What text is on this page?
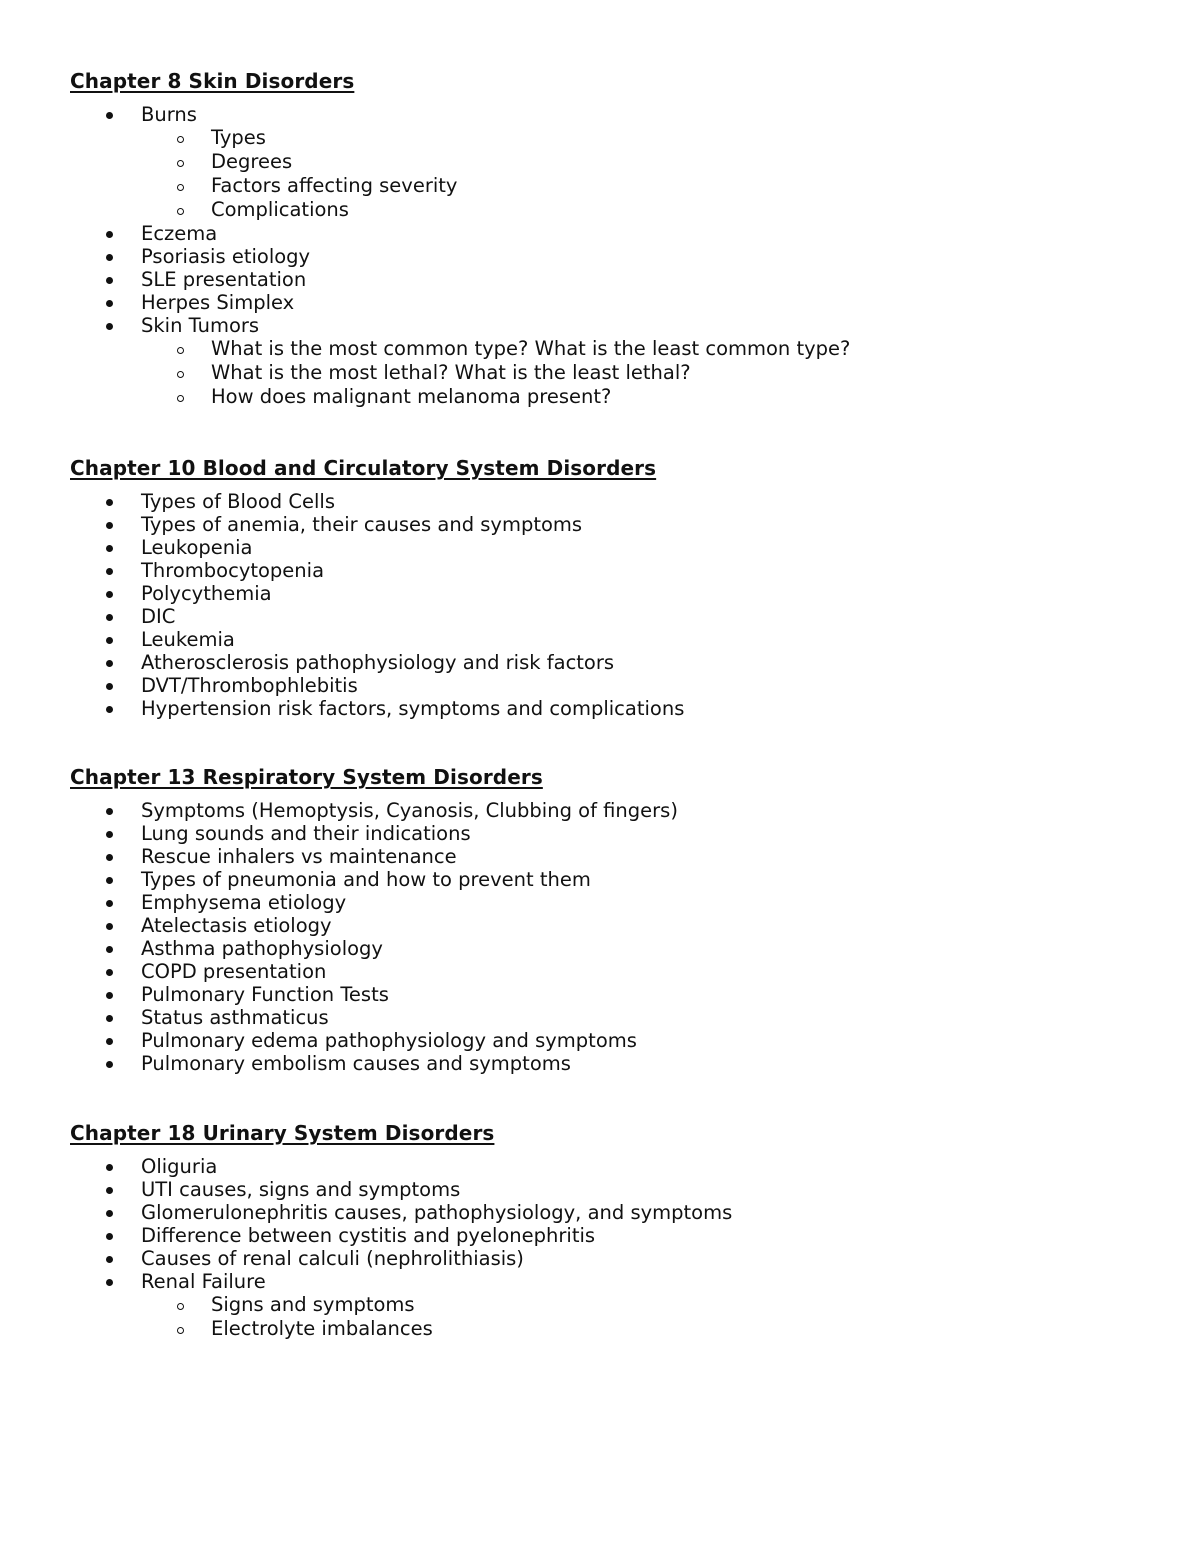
Chapter 8 Skin Disorders
Burns
Types
Degrees
Factors affecting severity
Complications
Eczema
Psoriasis etiology
SLE presentation
Herpes Simplex
Skin Tumors
What is the most common type? What is the least common type?
What is the most lethal? What is the least lethal?
How does malignant melanoma present?
Chapter 10 Blood and Circulatory System Disorders
Types of Blood Cells
Types of anemia, their causes and symptoms
Leukopenia
Thrombocytopenia
Polycythemia
DIC
Leukemia
Atherosclerosis pathophysiology and risk factors
DVT/Thrombophlebitis
Hypertension risk factors, symptoms and complications
Chapter 13 Respiratory System Disorders
Symptoms (Hemoptysis, Cyanosis, Clubbing of fingers)
Lung sounds and their indications
Rescue inhalers vs maintenance
Types of pneumonia and how to prevent them
Emphysema etiology
Atelectasis etiology
Asthma pathophysiology
COPD presentation
Pulmonary Function Tests
Status asthmaticus
Pulmonary edema pathophysiology and symptoms
Pulmonary embolism causes and symptoms
Chapter 18 Urinary System Disorders
Oliguria
UTI causes, signs and symptoms
Glomerulonephritis causes, pathophysiology, and symptoms
Difference between cystitis and pyelonephritis
Causes of renal calculi (nephrolithiasis)
Renal Failure
Signs and symptoms
Electrolyte imbalances
